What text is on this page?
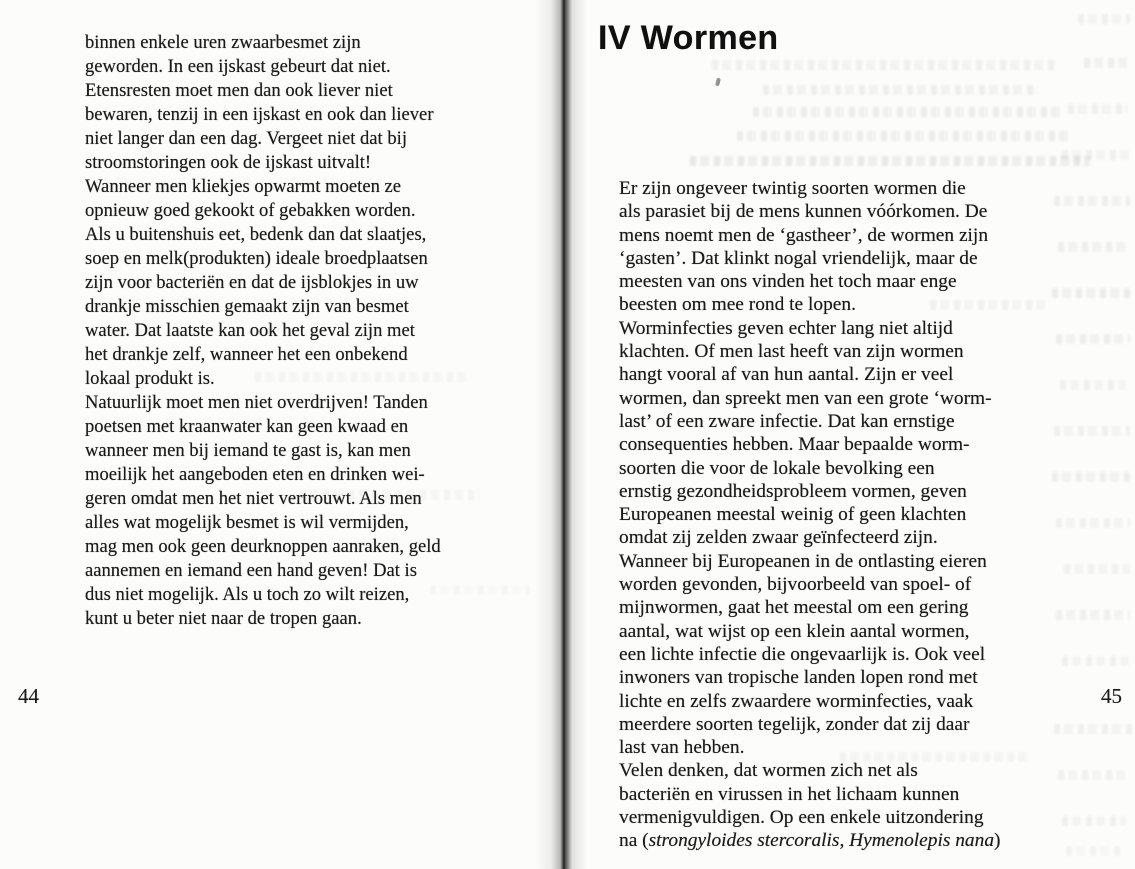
binnen enkele uren zwaarbesmet zijn
geworden. In een ijskast gebeurt dat niet.
Etensresten moet men dan ook liever niet
bewaren, tenzij in een ijskast en ook dan liever
niet langer dan een dag. Vergeet niet dat bij
stroomstoringen ook de ijskast uitvalt!
Wanneer men kliekjes opwarmt moeten ze
opnieuw goed gekookt of gebakken worden.
Als u buitenshuis eet, bedenk dan dat slaatjes,
soep en melk(produkten) ideale broedplaatsen
zijn voor bacteriën en dat de ijsblokjes in uw
drankje misschien gemaakt zijn van besmet
water. Dat laatste kan ook het geval zijn met
het drankje zelf, wanneer het een onbekend
lokaal produkt is.
Natuurlijk moet men niet overdrijven! Tanden
poetsen met kraanwater kan geen kwaad en
wanneer men bij iemand te gast is, kan men
moeilijk het aangeboden eten en drinken wei-
geren omdat men het niet vertrouwt. Als men
alles wat mogelijk besmet is wil vermijden,
mag men ook geen deurknoppen aanraken, geld
aannemen en iemand een hand geven! Dat is
dus niet mogelijk. Als u toch zo wilt reizen,
kunt u beter niet naar de tropen gaan.
44
IV Wormen
Er zijn ongeveer twintig soorten wormen die
als parasiet bij de mens kunnen vóórkomen. De
mens noemt men de ‘gastheer’, de wormen zijn
‘gasten’. Dat klinkt nogal vriendelijk, maar de
meesten van ons vinden het toch maar enge
beesten om mee rond te lopen.
Worminfecties geven echter lang niet altijd
klachten. Of men last heeft van zijn wormen
hangt vooral af van hun aantal. Zijn er veel
wormen, dan spreekt men van een grote ‘worm-
last’ of een zware infectie. Dat kan ernstige
consequenties hebben. Maar bepaalde worm-
soorten die voor de lokale bevolking een
ernstig gezondheidsprobleem vormen, geven
Europeanen meestal weinig of geen klachten
omdat zij zelden zwaar geïnfecteerd zijn.
Wanneer bij Europeanen in de ontlasting eieren
worden gevonden, bijvoorbeeld van spoel- of
mijnwormen, gaat het meestal om een gering
aantal, wat wijst op een klein aantal wormen,
een lichte infectie die ongevaarlijk is. Ook veel
inwoners van tropische landen lopen rond met
lichte en zelfs zwaardere worminfecties, vaak
meerdere soorten tegelijk, zonder dat zij daar
last van hebben.
Velen denken, dat wormen zich net als
bacteriën en virussen in het lichaam kunnen
vermenigvuldigen. Op een enkele uitzondering
na (strongyloides stercoralis, Hymenolepis nana)
45
